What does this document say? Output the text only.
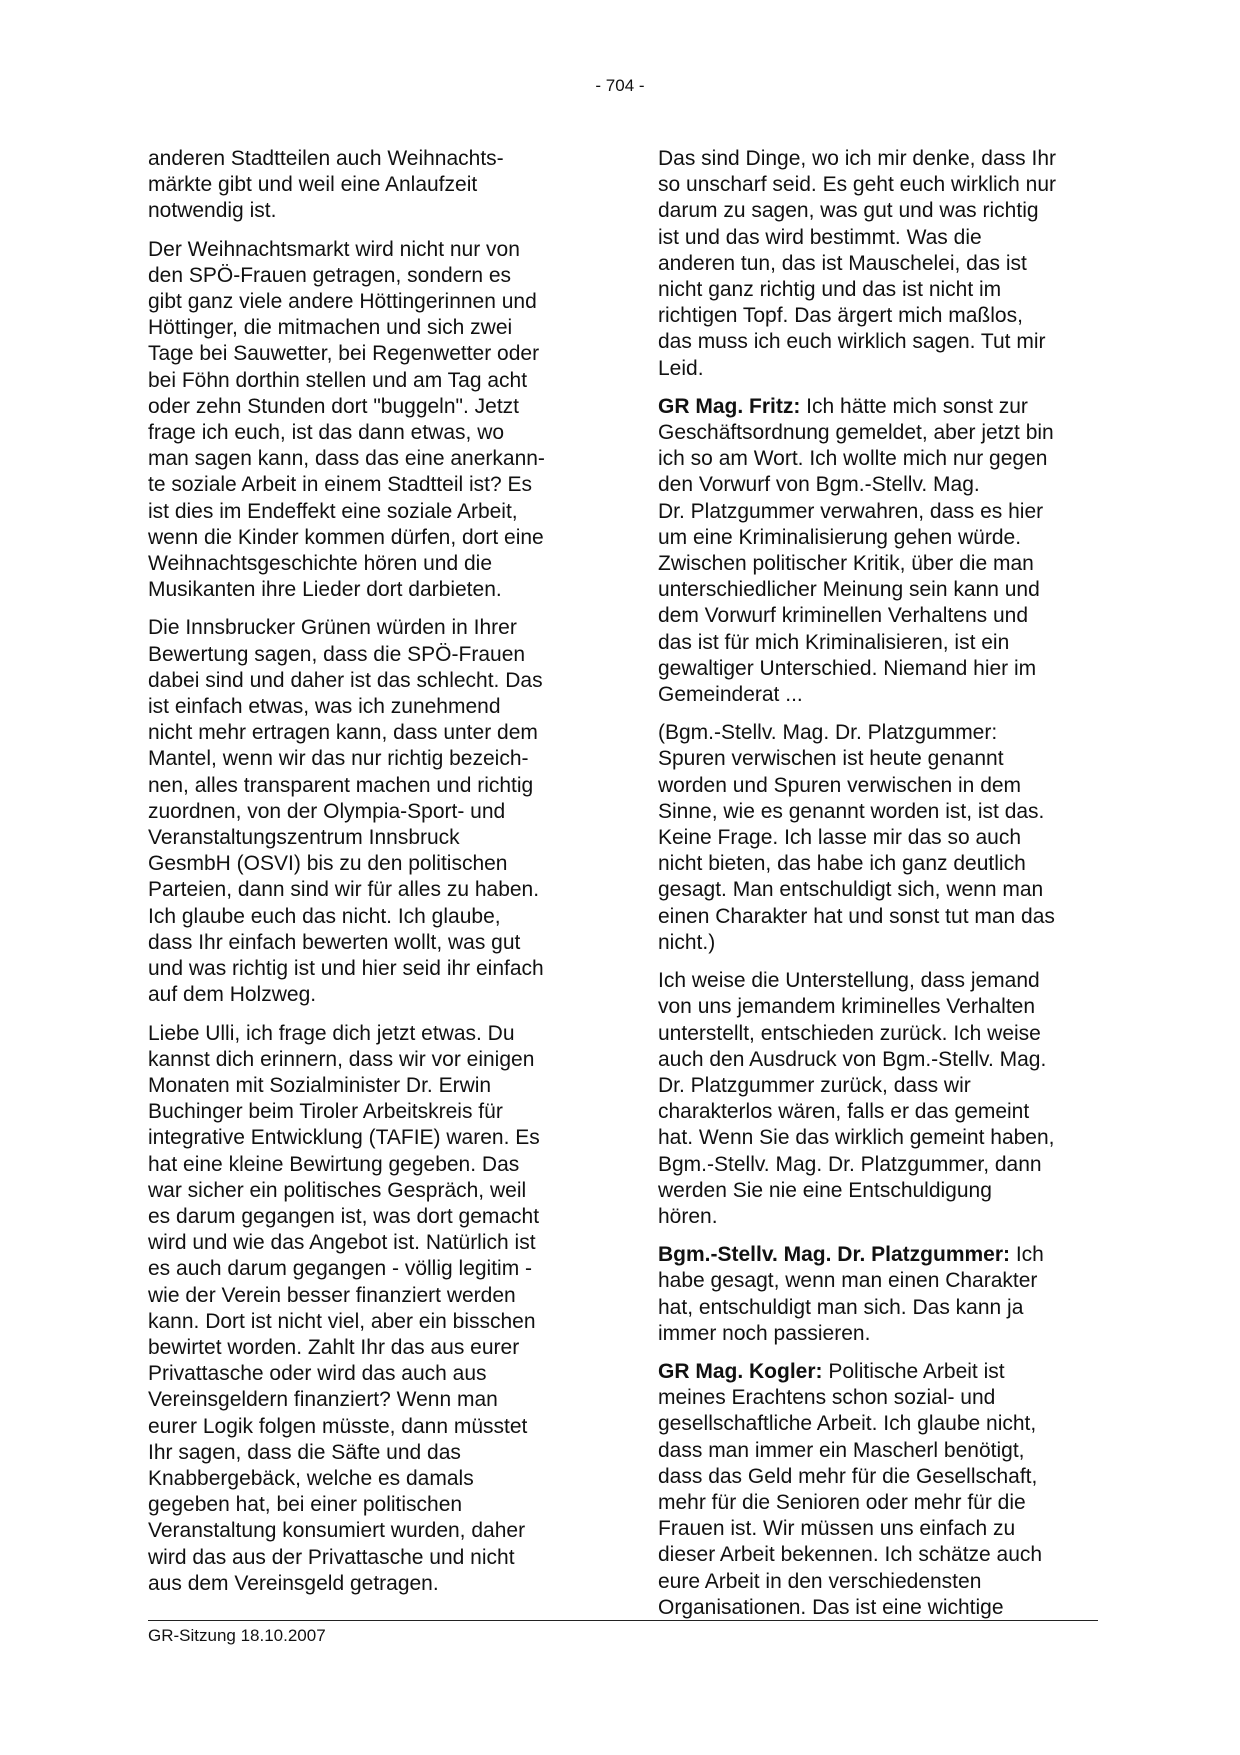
- 704 -

anderen Stadtteilen auch Weihnachts-
märkte gibt und weil eine Anlaufzeit
notwendig ist.

Der Weihnachtsmarkt wird nicht nur von
den SPÖ-Frauen getragen, sondern es
gibt ganz viele andere Höttingerinnen und
Höttinger, die mitmachen und sich zwei
Tage bei Sauwetter, bei Regenwetter oder
bei Föhn dorthin stellen und am Tag acht
oder zehn Stunden dort "buggeln". Jetzt
frage ich euch, ist das dann etwas, wo
man sagen kann, dass das eine anerkann-
te soziale Arbeit in einem Stadtteil ist? Es
ist dies im Endeffekt eine soziale Arbeit,
wenn die Kinder kommen dürfen, dort eine
Weihnachtsgeschichte hören und die
Musikanten ihre Lieder dort darbieten.

Die Innsbrucker Grünen würden in Ihrer
Bewertung sagen, dass die SPÖ-Frauen
dabei sind und daher ist das schlecht. Das
ist einfach etwas, was ich zunehmend
nicht mehr ertragen kann, dass unter dem
Mantel, wenn wir das nur richtig bezeich-
nen, alles transparent machen und richtig
zuordnen, von der Olympia-Sport- und
Veranstaltungszentrum Innsbruck
GesmbH (OSVI) bis zu den politischen
Parteien, dann sind wir für alles zu haben.
Ich glaube euch das nicht. Ich glaube,
dass Ihr einfach bewerten wollt, was gut
und was richtig ist und hier seid ihr einfach
auf dem Holzweg.

Liebe Ulli, ich frage dich jetzt etwas. Du
kannst dich erinnern, dass wir vor einigen
Monaten mit Sozialminister Dr. Erwin
Buchinger beim Tiroler Arbeitskreis für
integrative Entwicklung (TAFIE) waren. Es
hat eine kleine Bewirtung gegeben. Das
war sicher ein politisches Gespräch, weil
es darum gegangen ist, was dort gemacht
wird und wie das Angebot ist. Natürlich ist
es auch darum gegangen - völlig legitim -
wie der Verein besser finanziert werden
kann. Dort ist nicht viel, aber ein bisschen
bewirtet worden. Zahlt Ihr das aus eurer
Privattasche oder wird das auch aus
Vereinsgeldern finanziert? Wenn man
eurer Logik folgen müsste, dann müsstet
Ihr sagen, dass die Säfte und das
Knabbergebäck, welche es damals
gegeben hat, bei einer politischen
Veranstaltung konsumiert wurden, daher
wird das aus der Privattasche und nicht
aus dem Vereinsgeld getragen.

Das sind Dinge, wo ich mir denke, dass Ihr
so unscharf seid. Es geht euch wirklich nur
darum zu sagen, was gut und was richtig
ist und das wird bestimmt. Was die
anderen tun, das ist Mauschelei, das ist
nicht ganz richtig und das ist nicht im
richtigen Topf. Das ärgert mich maßlos,
das muss ich euch wirklich sagen. Tut mir
Leid.

GR Mag. Fritz: Ich hätte mich sonst zur
Geschäftsordnung gemeldet, aber jetzt bin
ich so am Wort. Ich wollte mich nur gegen
den Vorwurf von Bgm.-Stellv. Mag.
Dr. Platzgummer verwahren, dass es hier
um eine Kriminalisierung gehen würde.
Zwischen politischer Kritik, über die man
unterschiedlicher Meinung sein kann und
dem Vorwurf kriminellen Verhaltens und
das ist für mich Kriminalisieren, ist ein
gewaltiger Unterschied. Niemand hier im
Gemeinderat ...

(Bgm.-Stellv. Mag. Dr. Platzgummer:
Spuren verwischen ist heute genannt
worden und Spuren verwischen in dem
Sinne, wie es genannt worden ist, ist das.
Keine Frage. Ich lasse mir das so auch
nicht bieten, das habe ich ganz deutlich
gesagt. Man entschuldigt sich, wenn man
einen Charakter hat und sonst tut man das
nicht.)

Ich weise die Unterstellung, dass jemand
von uns jemandem kriminelles Verhalten
unterstellt, entschieden zurück. Ich weise
auch den Ausdruck von Bgm.-Stellv. Mag.
Dr. Platzgummer zurück, dass wir
charakterlos wären, falls er das gemeint
hat. Wenn Sie das wirklich gemeint haben,
Bgm.-Stellv. Mag. Dr. Platzgummer, dann
werden Sie nie eine Entschuldigung
hören.

Bgm.-Stellv. Mag. Dr. Platzgummer: Ich
habe gesagt, wenn man einen Charakter
hat, entschuldigt man sich. Das kann ja
immer noch passieren.

GR Mag. Kogler: Politische Arbeit ist
meines Erachtens schon sozial- und
gesellschaftliche Arbeit. Ich glaube nicht,
dass man immer ein Mascherl benötigt,
dass das Geld mehr für die Gesellschaft,
mehr für die Senioren oder mehr für die
Frauen ist. Wir müssen uns einfach zu
dieser Arbeit bekennen. Ich schätze auch
eure Arbeit in den verschiedensten
Organisationen. Das ist eine wichtige

GR-Sitzung 18.10.2007
